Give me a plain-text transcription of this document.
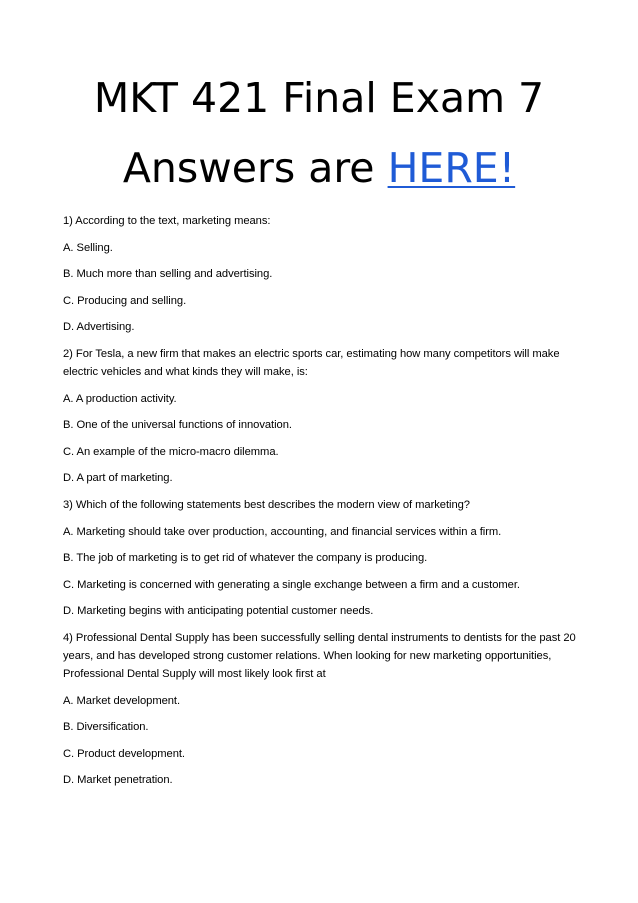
MKT 421 Final Exam 7
Answers are HERE!

1) According to the text, marketing means:

A. Selling.

B. Much more than selling and advertising.

C. Producing and selling.

D. Advertising.

2) For Tesla, a new firm that makes an electric sports car, estimating how many competitors will make electric vehicles and what kinds they will make, is:

A. A production activity.

B. One of the universal functions of innovation.

C. An example of the micro-macro dilemma.

D. A part of marketing.

3) Which of the following statements best describes the modern view of marketing?

A. Marketing should take over production, accounting, and financial services within a firm.

B. The job of marketing is to get rid of whatever the company is producing.

C. Marketing is concerned with generating a single exchange between a firm and a customer.

D. Marketing begins with anticipating potential customer needs.

4) Professional Dental Supply has been successfully selling dental instruments to dentists for the past 20 years, and has developed strong customer relations. When looking for new marketing opportunities, Professional Dental Supply will most likely look first at

A. Market development.

B. Diversification.

C. Product development.

D. Market penetration.
